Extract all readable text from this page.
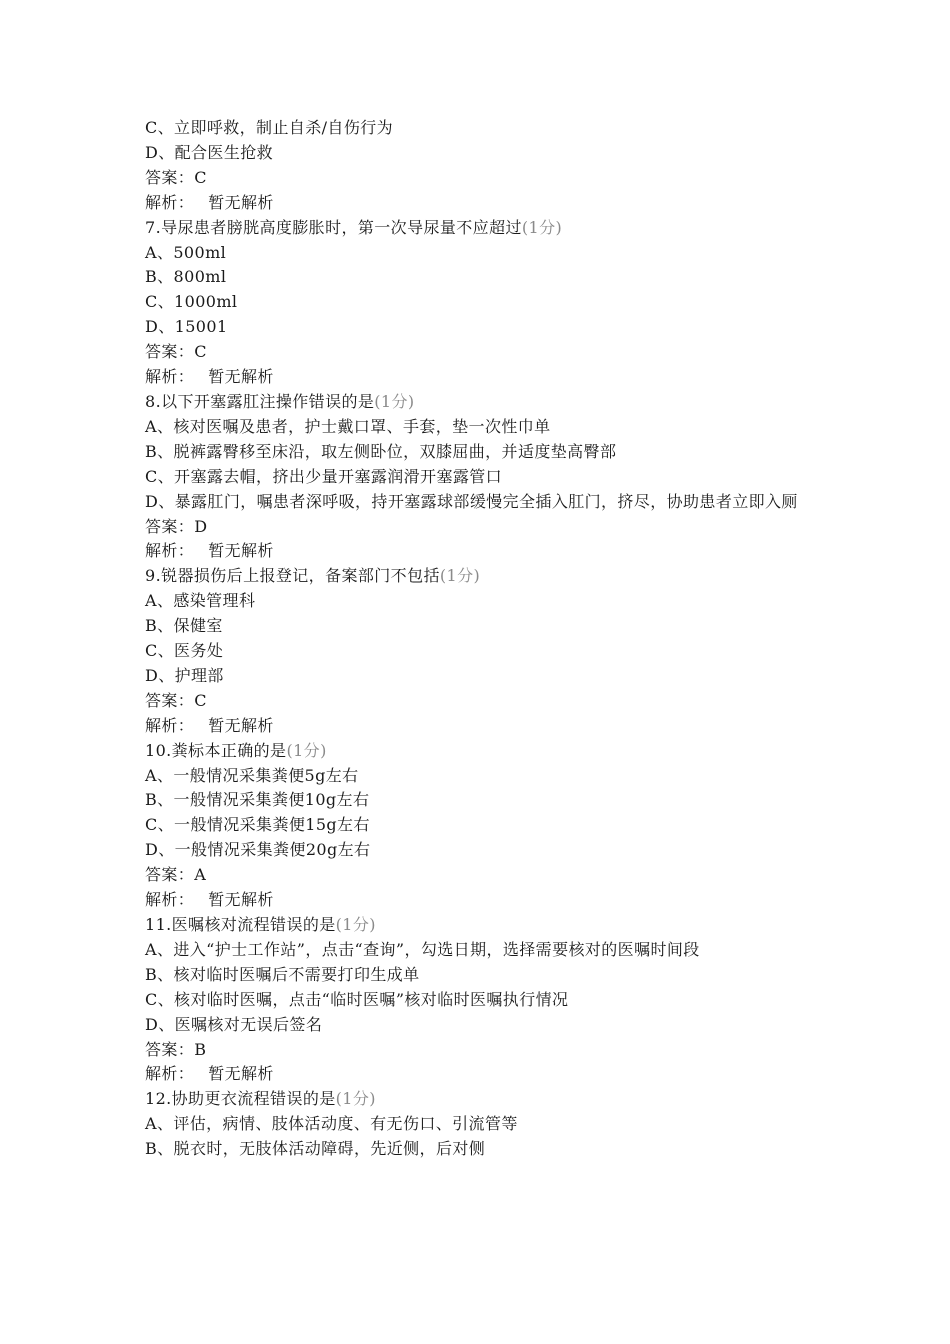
C、立即呼救，制止自杀/自伤行为
D、配合医生抢救
答案：C
解析： 暂无解析
7.导尿患者膀胱高度膨胀时，第一次导尿量不应超过(1分)
A、500ml
B、800ml
C、1000ml
D、15001
答案：C
解析： 暂无解析
8.以下开塞露肛注操作错误的是(1分)
A、核对医嘱及患者，护士戴口罩、手套，垫一次性巾单
B、脱裤露臀移至床沿，取左侧卧位，双膝屈曲，并适度垫高臀部
C、开塞露去帽，挤出少量开塞露润滑开塞露管口
D、暴露肛门，嘱患者深呼吸，持开塞露球部缓慢完全插入肛门，挤尽，协助患者立即入厕
答案：D
解析： 暂无解析
9.锐器损伤后上报登记，备案部门不包括(1分)
A、感染管理科
B、保健室
C、医务处
D、护理部
答案：C
解析： 暂无解析
10.粪标本正确的是(1分)
A、一般情况采集粪便5g左右
B、一般情况采集粪便10g左右
C、一般情况采集粪便15g左右
D、一般情况采集粪便20g左右
答案：A
解析： 暂无解析
11.医嘱核对流程错误的是(1分)
A、进入“护士工作站”，点击“查询”，勾选日期，选择需要核对的医嘱时间段
B、核对临时医嘱后不需要打印生成单
C、核对临时医嘱，点击“临时医嘱”核对临时医嘱执行情况
D、医嘱核对无误后签名
答案：B
解析： 暂无解析
12.协助更衣流程错误的是(1分)
A、评估，病情、肢体活动度、有无伤口、引流管等
B、脱衣时，无肢体活动障碍，先近侧，后对侧
